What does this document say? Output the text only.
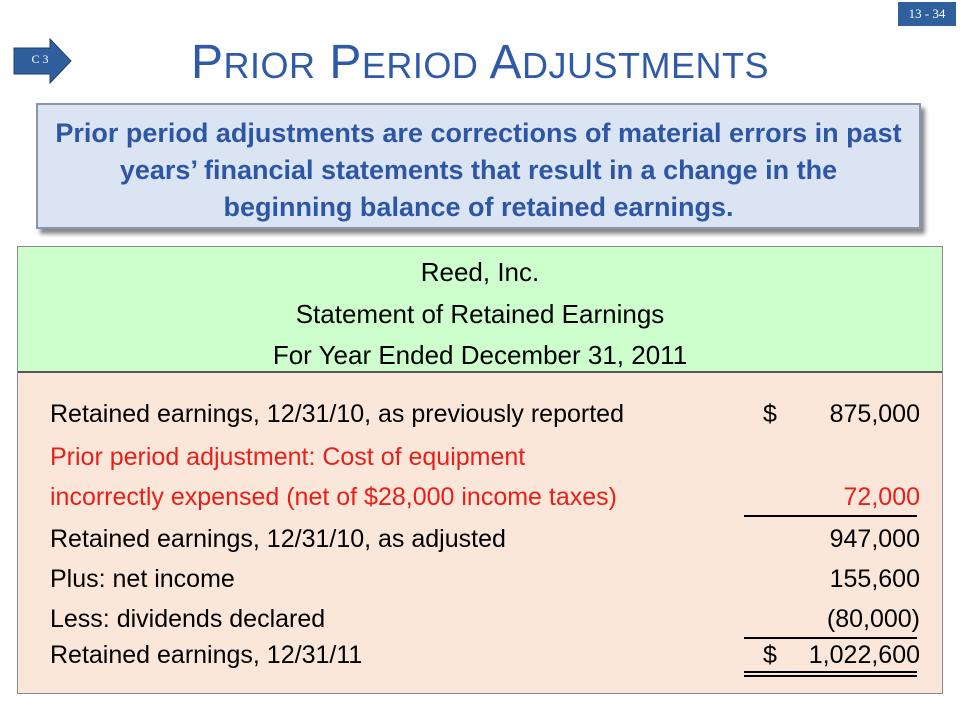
13 - 34
C 3	PRIOR PERIOD ADJUSTMENTS
Prior period adjustments are corrections of material errors in past years’ financial statements that result in a change in the beginning balance of retained earnings.
Reed, Inc.
Statement of Retained Earnings
For Year Ended December 31, 2011
Retained earnings, 12/31/10, as previously reported	$ 875,000
Prior period adjustment: Cost of equipment
incorrectly expensed (net of $28,000 income taxes)	72,000
Retained earnings, 12/31/10, as adjusted	947,000
Plus: net income	155,600
Less: dividends declared	(80,000)
Retained earnings, 12/31/11	$ 1,022,600
